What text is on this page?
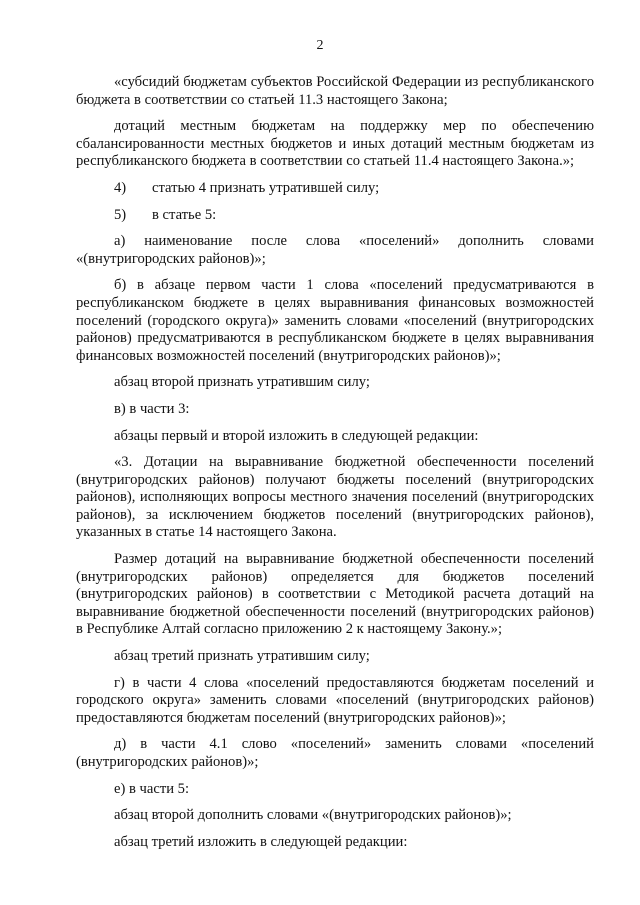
2

«субсидий бюджетам субъектов Российской Федерации из республиканского бюджета в соответствии со статьей 11.3 настоящего Закона;

дотаций местным бюджетам на поддержку мер по обеспечению сбалансированности местных бюджетов и иных дотаций местным бюджетам из республиканского бюджета в соответствии со статьей 11.4 настоящего Закона.»;

4) статью 4 признать утратившей силу;

5) в статье 5:

a) наименование после слова «поселений» дополнить словами «(внутригородских районов)»;

б) в абзаце первом части 1 слова «поселений предусматриваются в республиканском бюджете в целях выравнивания финансовых возможностей поселений (городского округа)» заменить словами «поселений (внутригородских районов) предусматриваются в республиканском бюджете в целях выравнивания финансовых возможностей поселений (внутригородских районов)»;

абзац второй признать утратившим силу;

в) в части 3:

абзацы первый и второй изложить в следующей редакции:

«3. Дотации на выравнивание бюджетной обеспеченности поселений (внутригородских районов) получают бюджеты поселений (внутригородских районов), исполняющих вопросы местного значения поселений (внутригородских районов), за исключением бюджетов поселений (внутригородских районов), указанных в статье 14 настоящего Закона.

Размер дотаций на выравнивание бюджетной обеспеченности поселений (внутригородских районов) определяется для бюджетов поселений (внутригородских районов) в соответствии с Методикой расчета дотаций на выравнивание бюджетной обеспеченности поселений (внутригородских районов) в Республике Алтай согласно приложению 2 к настоящему Закону.»;

абзац третий признать утратившим силу;

г) в части 4 слова «поселений предоставляются бюджетам поселений и городского округа» заменить словами «поселений (внутригородских районов) предоставляются бюджетам поселений (внутригородских районов)»;

д) в части 4.1 слово «поселений» заменить словами «поселений (внутригородских районов)»;

е) в части 5:

абзац второй дополнить словами «(внутригородских районов)»;

абзац третий изложить в следующей редакции:
